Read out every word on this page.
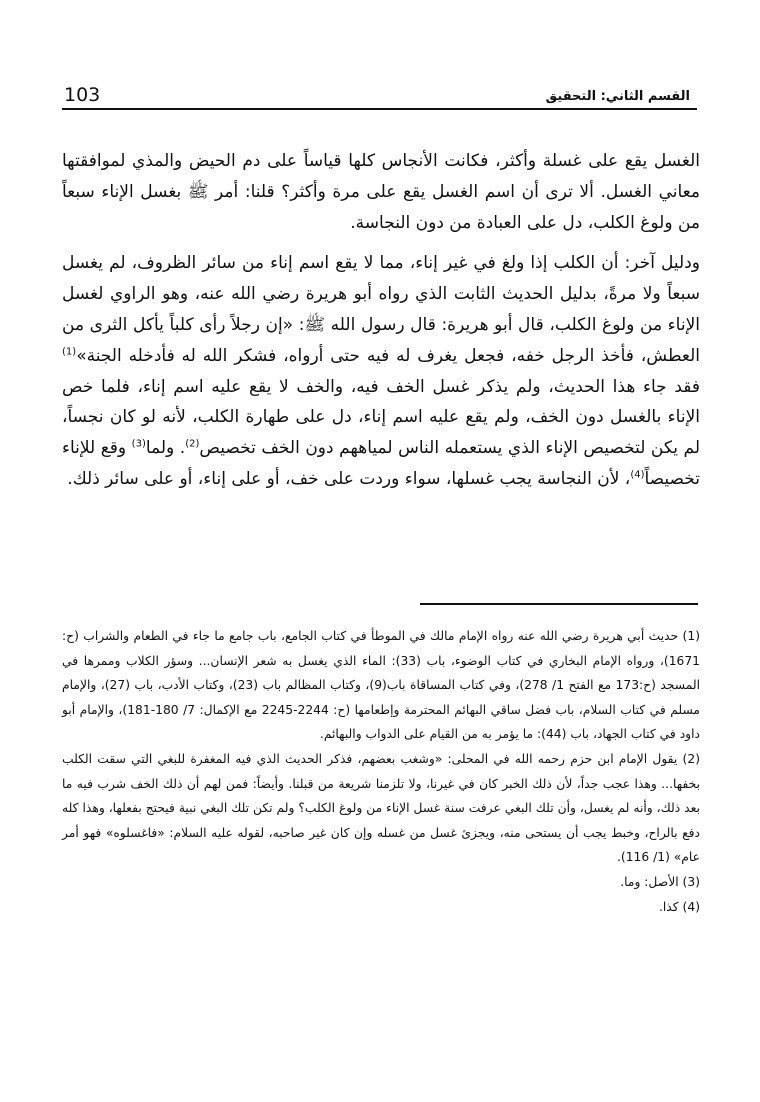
103	القسم الثاني: التحقيق

الغسل يقع على غسلة وأكثر، فكانت الأنجاس كلها قياساً على دم الحيض والمذي لموافقتها معاني الغسل. ألا ترى أن اسم الغسل يقع على مرة وأكثر؟ قلنا: أمر ﷺ بغسل الإناء سبعاً من ولوغ الكلب، دل على العبادة من دون النجاسة.

ودليل آخر: أن الكلب إذا ولغ في غير إناء، مما لا يقع اسم إناء من سائر الظروف، لم يغسل سبعاً ولا مرةً، بدليل الحديث الثابت الذي رواه أبو هريرة رضي الله عنه، وهو الراوي لغسل الإناء من ولوغ الكلب، قال أبو هريرة: قال رسول الله ﷺ: «إن رجلاً رأى كلباً يأكل الثرى من العطش، فأخذ الرجل خفه، فجعل يغرف له فيه حتى أرواه، فشكر الله له فأدخله الجنة»$^{(1)}$ فقد جاء هذا الحديث، ولم يذكر غسل الخف فيه، والخف لا يقع عليه اسم إناء، فلما خص الإناء بالغسل دون الخف، ولم يقع عليه اسم إناء، دل على طهارة الكلب، لأنه لو كان نجساً، لم يكن لتخصيص الإناء الذي يستعمله الناس لمياههم دون الخف تخصيص$^{(2)}$. ولما$^{(3)}$ وقع للإناء تخصيصاً$^{(4)}$، لأن النجاسة يجب غسلها، سواء وردت على خف، أو على إناء، أو على سائر ذلك.

(1) حديث أبي هريرة رضي الله عنه رواه الإمام مالك في الموطأ في كتاب الجامع، باب جامع ما جاء في الطعام والشراب (ح: 1671)، ورواه الإمام البخاري في كتاب الوضوء، باب (33): الماء الذي يغسل به شعر الإنسان... وسؤر الكلاب وممرها في المسجد (ح:173 مع الفتح 1/ 278)، وفي كتاب المساقاة باب(9)، وكتاب المظالم باب (23)، وكتاب الأدب، باب (27)، والإمام مسلم في كتاب السلام، باب فضل ساقي البهائم المحترمة وإطعامها (ح: 2244-2245 مع الإكمال: 7/ 180-181)، والإمام أبو داود في كتاب الجهاد، باب (44): ما يؤمر به من القيام على الدواب والبهائم.

(2) يقول الإمام ابن حزم رحمه الله في المحلى: «وشغب بعضهم، فذكر الحديث الذي فيه المغفرة للبغي التي سقت الكلب بخفها... وهذا عجب جداً، لأن ذلك الخبر كان في غيرنا، ولا تلزمنا شريعة من قبلنا. وأيضاً: فمن لهم أن ذلك الخف شرب فيه ما بعد ذلك، وأنه لم يغسل، وأن تلك البغي عرفت سنة غسل الإناء من ولوغ الكلب؟ ولم تكن تلك البغي نبية فيحتج بفعلها، وهذا كله دفع بالراح، وخبط يجب أن يستحى منه، ويجزئ غسل من غسله وإن كان غير صاحبه، لقوله عليه السلام: «فاغسلوه» فهو أمر عام» (1/ 116).

(3) الأصل: وما.

(4) كذا.
